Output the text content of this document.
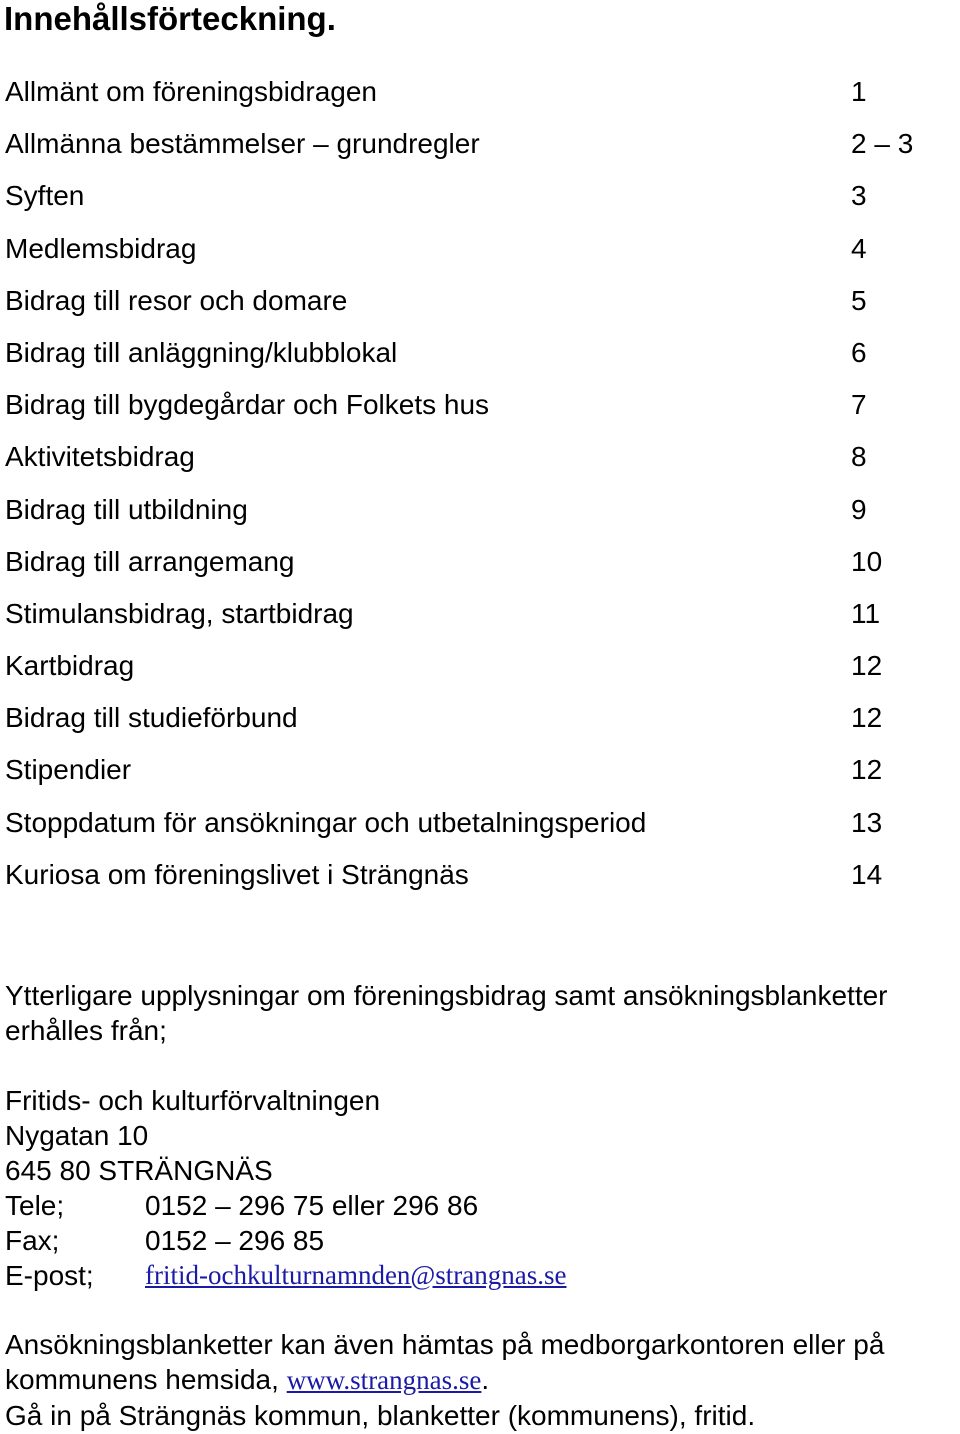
Innehållsförteckning.
Allmänt om föreningsbidragen	1
Allmänna bestämmelser – grundregler	2 – 3
Syften	3
Medlemsbidrag	4
Bidrag till resor och domare	5
Bidrag till anläggning/klubblokal	6
Bidrag till bygdegårdar och Folkets hus	7
Aktivitetsbidrag	8
Bidrag till utbildning	9
Bidrag till arrangemang	10
Stimulansbidrag, startbidrag	11
Kartbidrag	12
Bidrag till studieförbund	12
Stipendier	12
Stoppdatum för ansökningar och utbetalningsperiod	13
Kuriosa om föreningslivet i Strängnäs	14
Ytterligare upplysningar om föreningsbidrag samt ansökningsblanketter
erhålles från;
Fritids- och kulturförvaltningen
Nygatan 10
645 80 STRÄNGNÄS
Tele;	0152 – 296 75 eller 296 86
Fax;	0152 – 296 85
E-post; fritid-ochkulturnamnden@strangnas.se
Ansökningsblanketter kan även hämtas på medborgarkontoren eller på
kommunens hemsida, www.strangnas.se.
Gå in på Strängnäs kommun, blanketter (kommunens), fritid.
